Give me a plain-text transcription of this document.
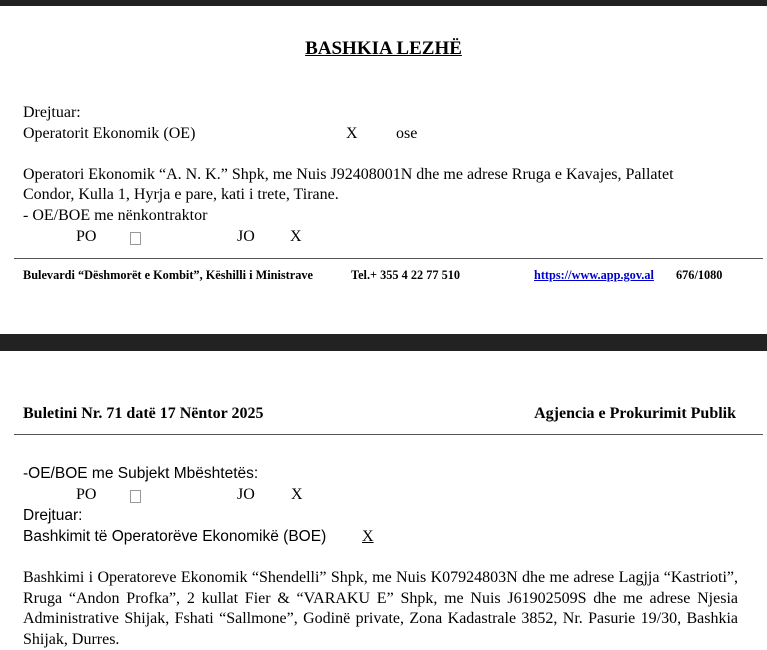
BASHKIA LEZHË
Drejtuar:
Operatorit Ekonomik (OE)	X ose
Operatori Ekonomik “A. N. K.” Shpk, me Nuis J92408001N dhe me adrese Rruga e Kavajes, Pallatet
Condor, Kulla 1, Hyrja e pare, kati i trete, Tirane.
- OE/BOE me nënkontraktor
PO	JO X
Bulevardi “Dëshmorët e Kombit”, Këshilli i Ministrave	Tel.+ 355 4 22 77 510	https://www.app.gov.al 676/1080
Buletini Nr. 71 datë 17 Nëntor 2025	Agjencia e Prokurimit Publik
-OE/BOE me Subjekt Mbështetës:
PO	JO X
Drejtuar:
Bashkimit të Operatorëve Ekonomikë (BOE) X
Bashkimi i Operatoreve Ekonomik “Shendelli” Shpk, me Nuis K07924803N dhe me adrese Lagjja “Kastrioti”, Rruga “Andon Profka”, 2 kullat Fier & “VARAKU E” Shpk, me Nuis J61902509S dhe me adrese Njesia Administrative Shijak, Fshati “Sallmone”, Godinë private, Zona Kadastrale 3852, Nr. Pasurie 19/30, Bashkia Shijak, Durres.
